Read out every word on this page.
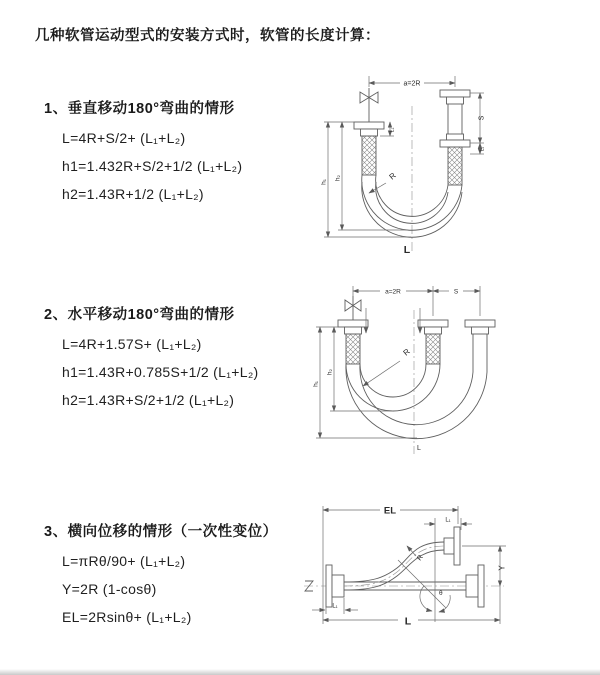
几种软管运动型式的安装方式时，软管的长度计算：
1、垂直移动180°弯曲的情形
L=4R+S/2+ (L₁+L₂)
h1=1.432R+S/2+1/2 (L₁+L₂)
h2=1.43R+1/2 (L₁+L₂)
a=2R
R
h₁
h₂
L₁
S
L₁
L
2、水平移动180°弯曲的情形
L=4R+1.57S+ (L₁+L₂)
h1=1.43R+0.785S+1/2 (L₁+L₂)
h2=1.43R+S/2+1/2 (L₁+L₂)
a=2R	S
h₁
h₂
R
L
3、横向位移的情形（一次性变位）
L=πRθ/90+ (L₁+L₂)
Y=2R (1-cosθ)
EL=2Rsinθ+ (L₁+L₂)
EL
L₁
θ
R
Y
L₁
L
